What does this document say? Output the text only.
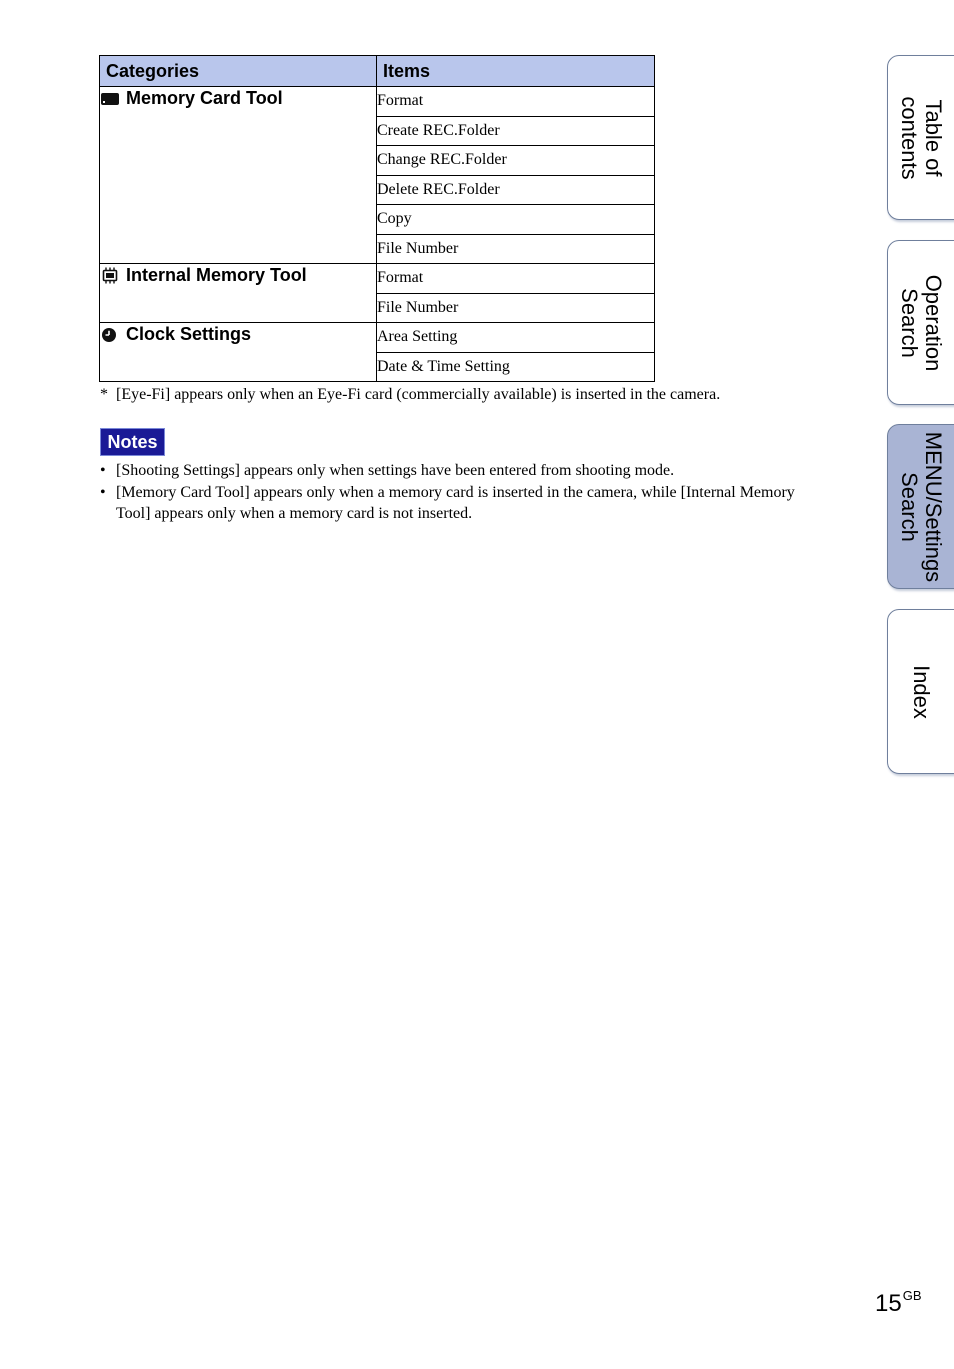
Categories	Items

Memory Card Tool	Format
	Create REC.Folder
	Change REC.Folder
	Delete REC.Folder
	Copy
	File Number

Internal Memory Tool	Format
	File Number

Clock Settings	Area Setting
	Date & Time Setting
* [Eye-Fi] appears only when an Eye-Fi card (commercially available) is inserted in the camera.
Notes
• [Shooting Settings] appears only when settings have been entered from shooting mode.
• [Memory Card Tool] appears only when a memory card is inserted in the camera, while [Internal Memory Tool] appears only when a memory card is not inserted.
Table of
contents
Operation
Search
MENU/Settings
Search
Index
$15^{GB}$
